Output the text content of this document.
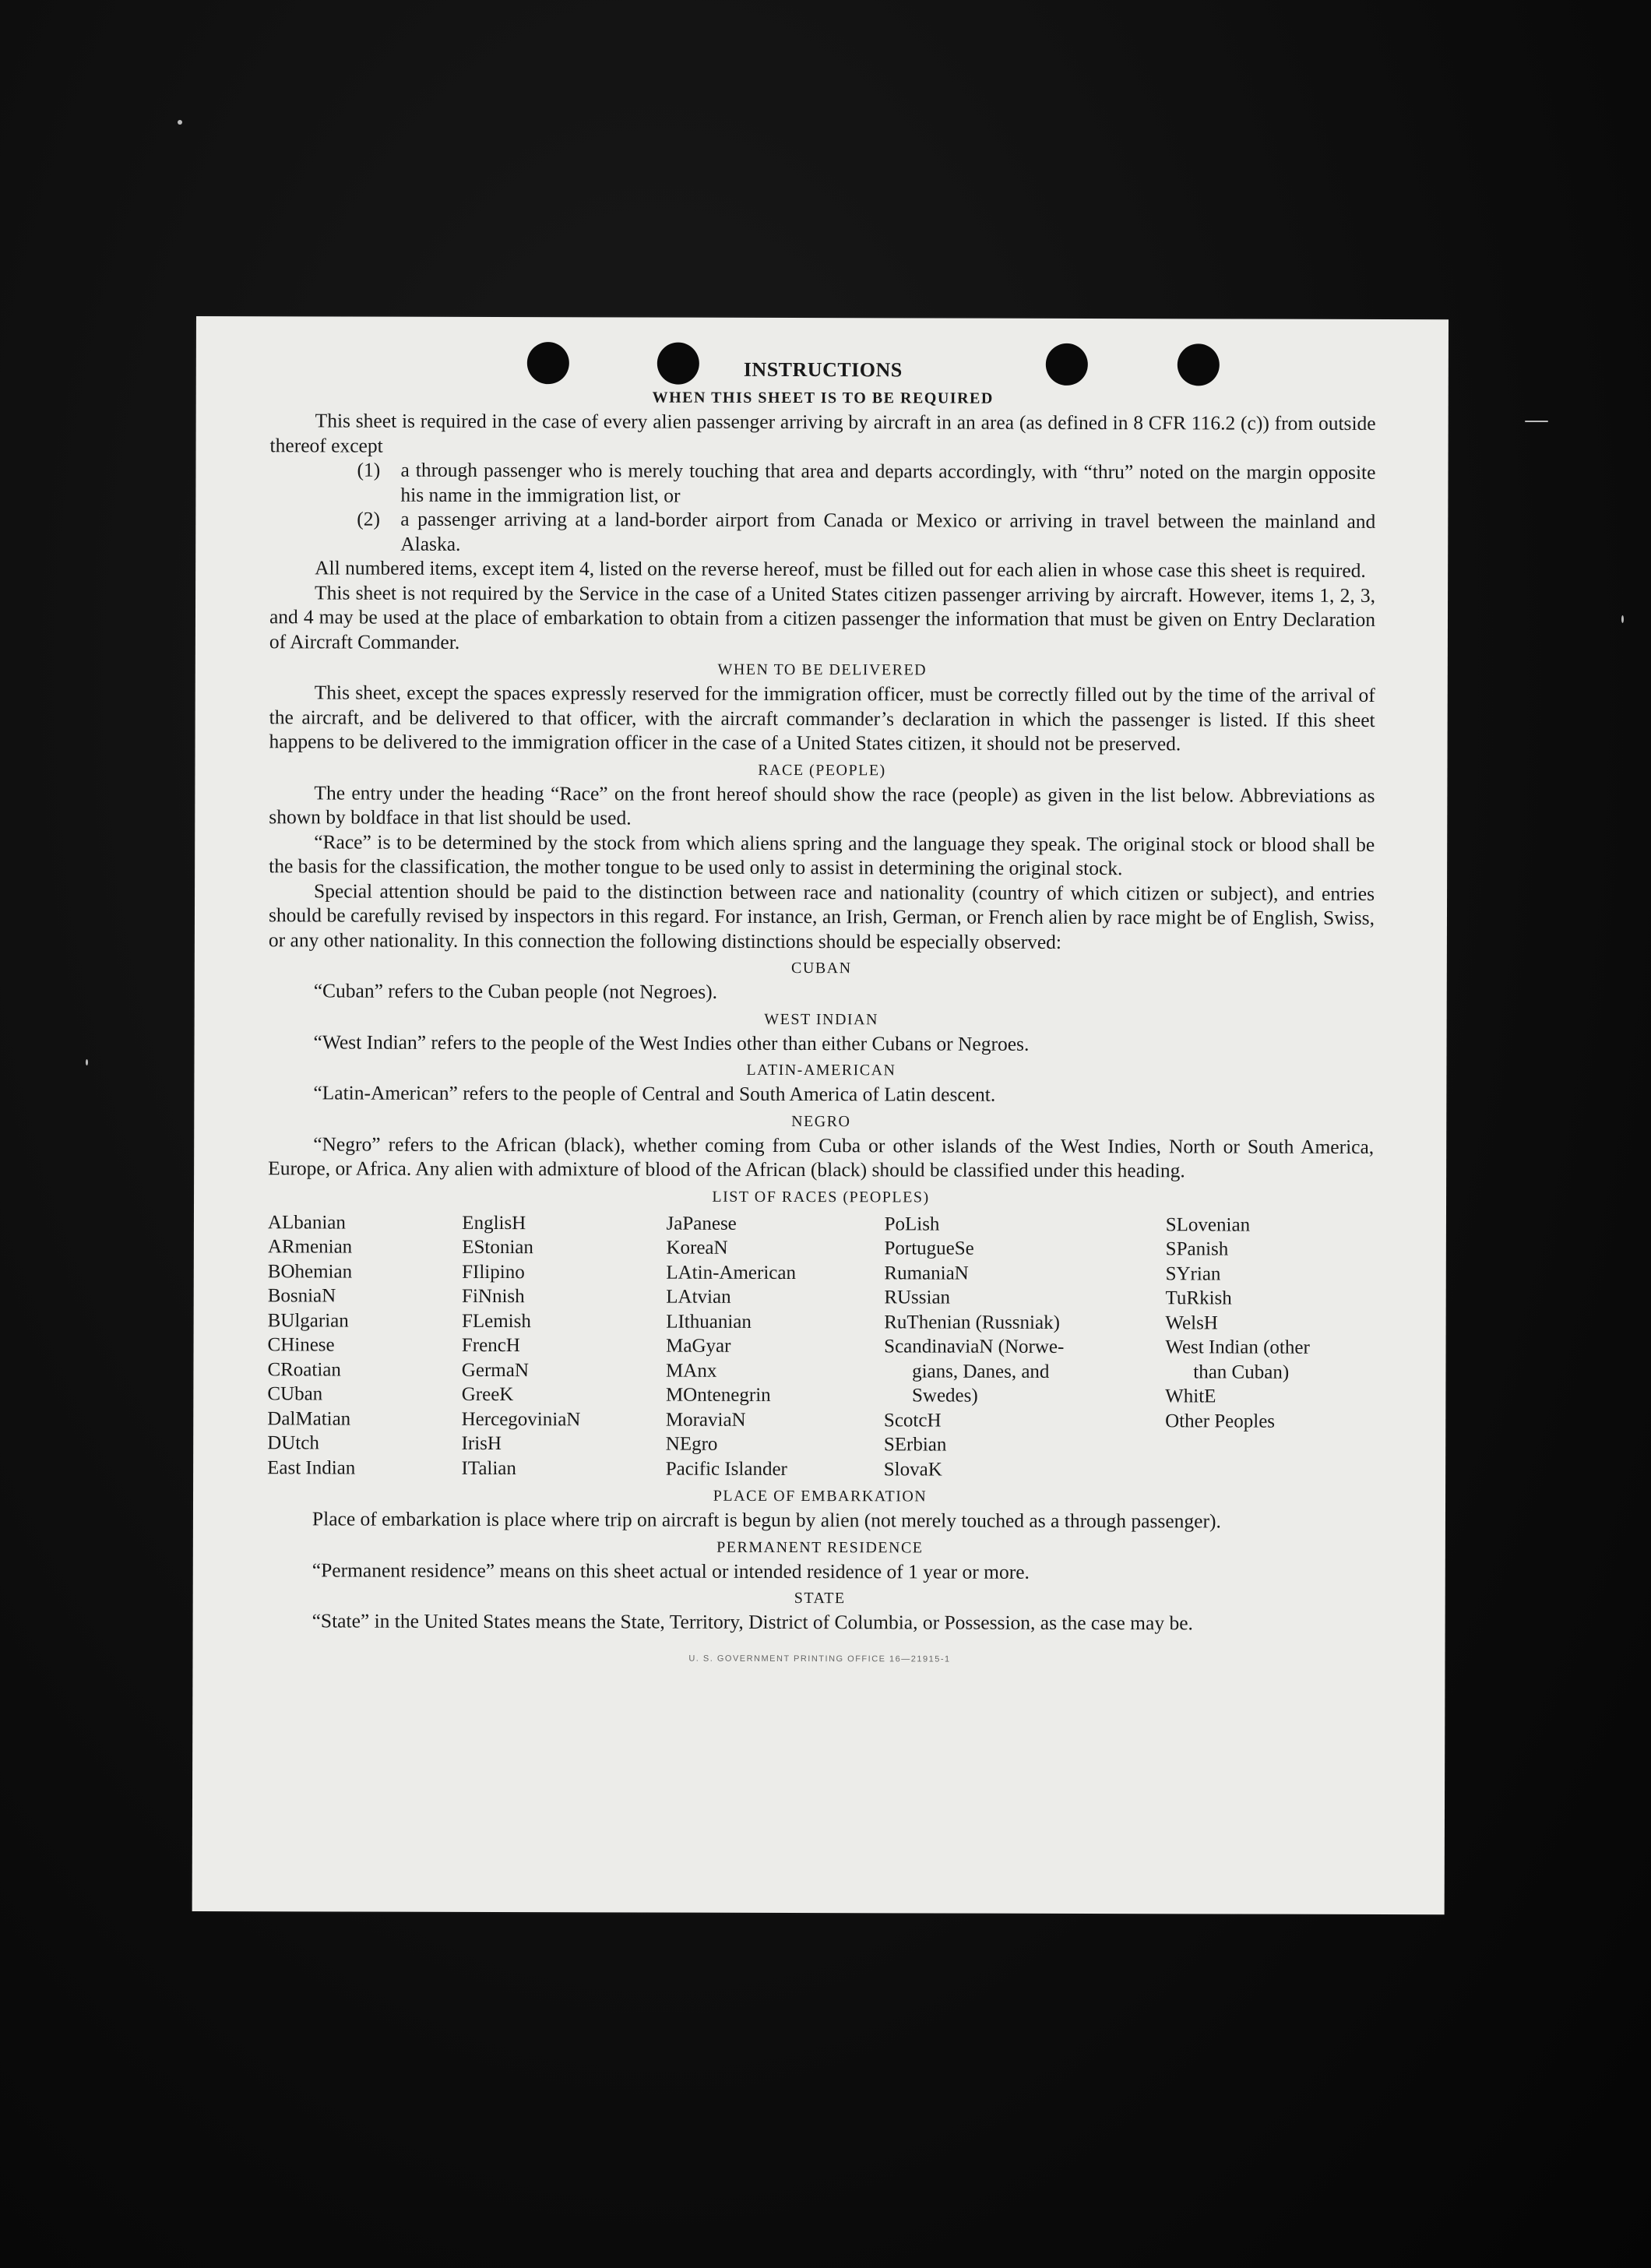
INSTRUCTIONS
WHEN THIS SHEET IS TO BE REQUIRED

This sheet is required in the case of every alien passenger arriving by aircraft in an area (as defined in 8 CFR 116.2 (c)) from outside thereof except

(1)	a through passenger who is merely touching that area and departs accordingly, with “thru” noted on the margin opposite his name in the immigration list, or
(2)	a passenger arriving at a land-border airport from Canada or Mexico or arriving in travel between the mainland and Alaska.

All numbered items, except item 4, listed on the reverse hereof, must be filled out for each alien in whose case this sheet is required.

This sheet is not required by the Service in the case of a United States citizen passenger arriving by aircraft. However, items 1, 2, 3, and 4 may be used at the place of embarkation to obtain from a citizen passenger the information that must be given on Entry Declaration of Aircraft Commander.

WHEN TO BE DELIVERED

This sheet, except the spaces expressly reserved for the immigration officer, must be correctly filled out by the time of the arrival of the aircraft, and be delivered to that officer, with the aircraft commander’s declaration in which the passenger is listed. If this sheet happens to be delivered to the immigration officer in the case of a United States citizen, it should not be preserved.

RACE (PEOPLE)

The entry under the heading “Race” on the front hereof should show the race (people) as given in the list below. Abbreviations as shown by boldface in that list should be used.

“Race” is to be determined by the stock from which aliens spring and the language they speak. The original stock or blood shall be the basis for the classification, the mother tongue to be used only to assist in determining the original stock.

Special attention should be paid to the distinction between race and nationality (country of which citizen or subject), and entries should be carefully revised by inspectors in this regard. For instance, an Irish, German, or French alien by race might be of English, Swiss, or any other nationality. In this connection the following distinctions should be especially observed:

CUBAN

“Cuban” refers to the Cuban people (not Negroes).

WEST INDIAN

“West Indian” refers to the people of the West Indies other than either Cubans or Negroes.

LATIN-AMERICAN

“Latin-American” refers to the people of Central and South America of Latin descent.

NEGRO

“Negro” refers to the African (black), whether coming from Cuba or other islands of the West Indies, North or South America, Europe, or Africa. Any alien with admixture of blood of the African (black) should be classified under this heading.

LIST OF RACES (PEOPLES)
ALbanian
ARmenian
BOhemian
BosniaN
BUlgarian
CHinese
CRoatian
CUban
DalMatian
DUtch
East Indian
EnglisH
EStonian
FIlipino
FiNnish
FLemish
FrencH
GermaN
GreeK
HercegoviniaN
IrisH
ITalian
JaPanese
KoreaN
LAtin-American
LAtvian
LIthuanian
MaGyar
MAnx
MOntenegrin
MoraviaN
NEgro
Pacific Islander
PoLish
PortugueSe
RumaniaN
RUssian
RuThenian (Russniak)
ScandinaviaN (Norwe-
gians, Danes, and
Swedes)
ScotcH
SErbian
SlovaK
SLovenian
SPanish
SYrian
TuRkish
WelsH
West Indian (other
than Cuban)
WhitE
Other Peoples
PLACE OF EMBARKATION

Place of embarkation is place where trip on aircraft is begun by alien (not merely touched as a through passenger).

PERMANENT RESIDENCE

“Permanent residence” means on this sheet actual or intended residence of 1 year or more.

STATE

“State” in the United States means the State, Territory, District of Columbia, or Possession, as the case may be.

U. S. GOVERNMENT PRINTING OFFICE 16—21915-1
